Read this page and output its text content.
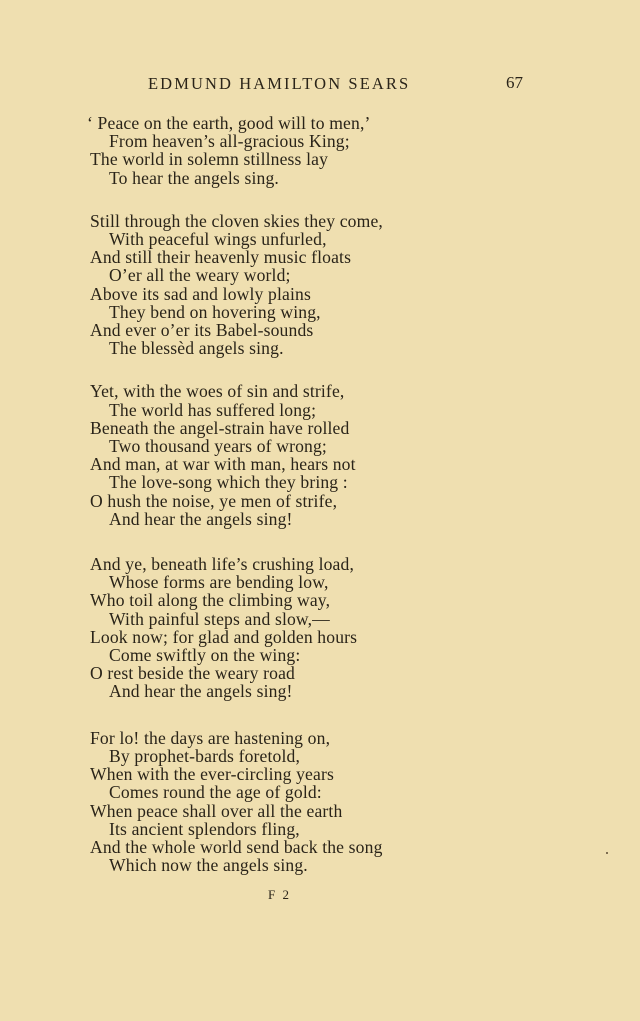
EDMUND HAMILTON SEARS	67
‘ Peace on the earth, good will to men,’
From heaven’s all-gracious King;
The world in solemn stillness lay
To hear the angels sing.
Still through the cloven skies they come,
With peaceful wings unfurled,
And still their heavenly music floats
O’er all the weary world;
Above its sad and lowly plains
They bend on hovering wing,
And ever o’er its Babel-sounds
The blessèd angels sing.
Yet, with the woes of sin and strife,
The world has suffered long;
Beneath the angel-strain have rolled
Two thousand years of wrong;
And man, at war with man, hears not
The love-song which they bring :
O hush the noise, ye men of strife,
And hear the angels sing!
And ye, beneath life’s crushing load,
Whose forms are bending low,
Who toil along the climbing way,
With painful steps and slow,—
Look now; for glad and golden hours
Come swiftly on the wing:
O rest beside the weary road
And hear the angels sing!
For lo! the days are hastening on,
By prophet-bards foretold,
When with the ever-circling years
Comes round the age of gold:
When peace shall over all the earth
Its ancient splendors fling,
And the whole world send back the song
Which now the angels sing.
F 2
